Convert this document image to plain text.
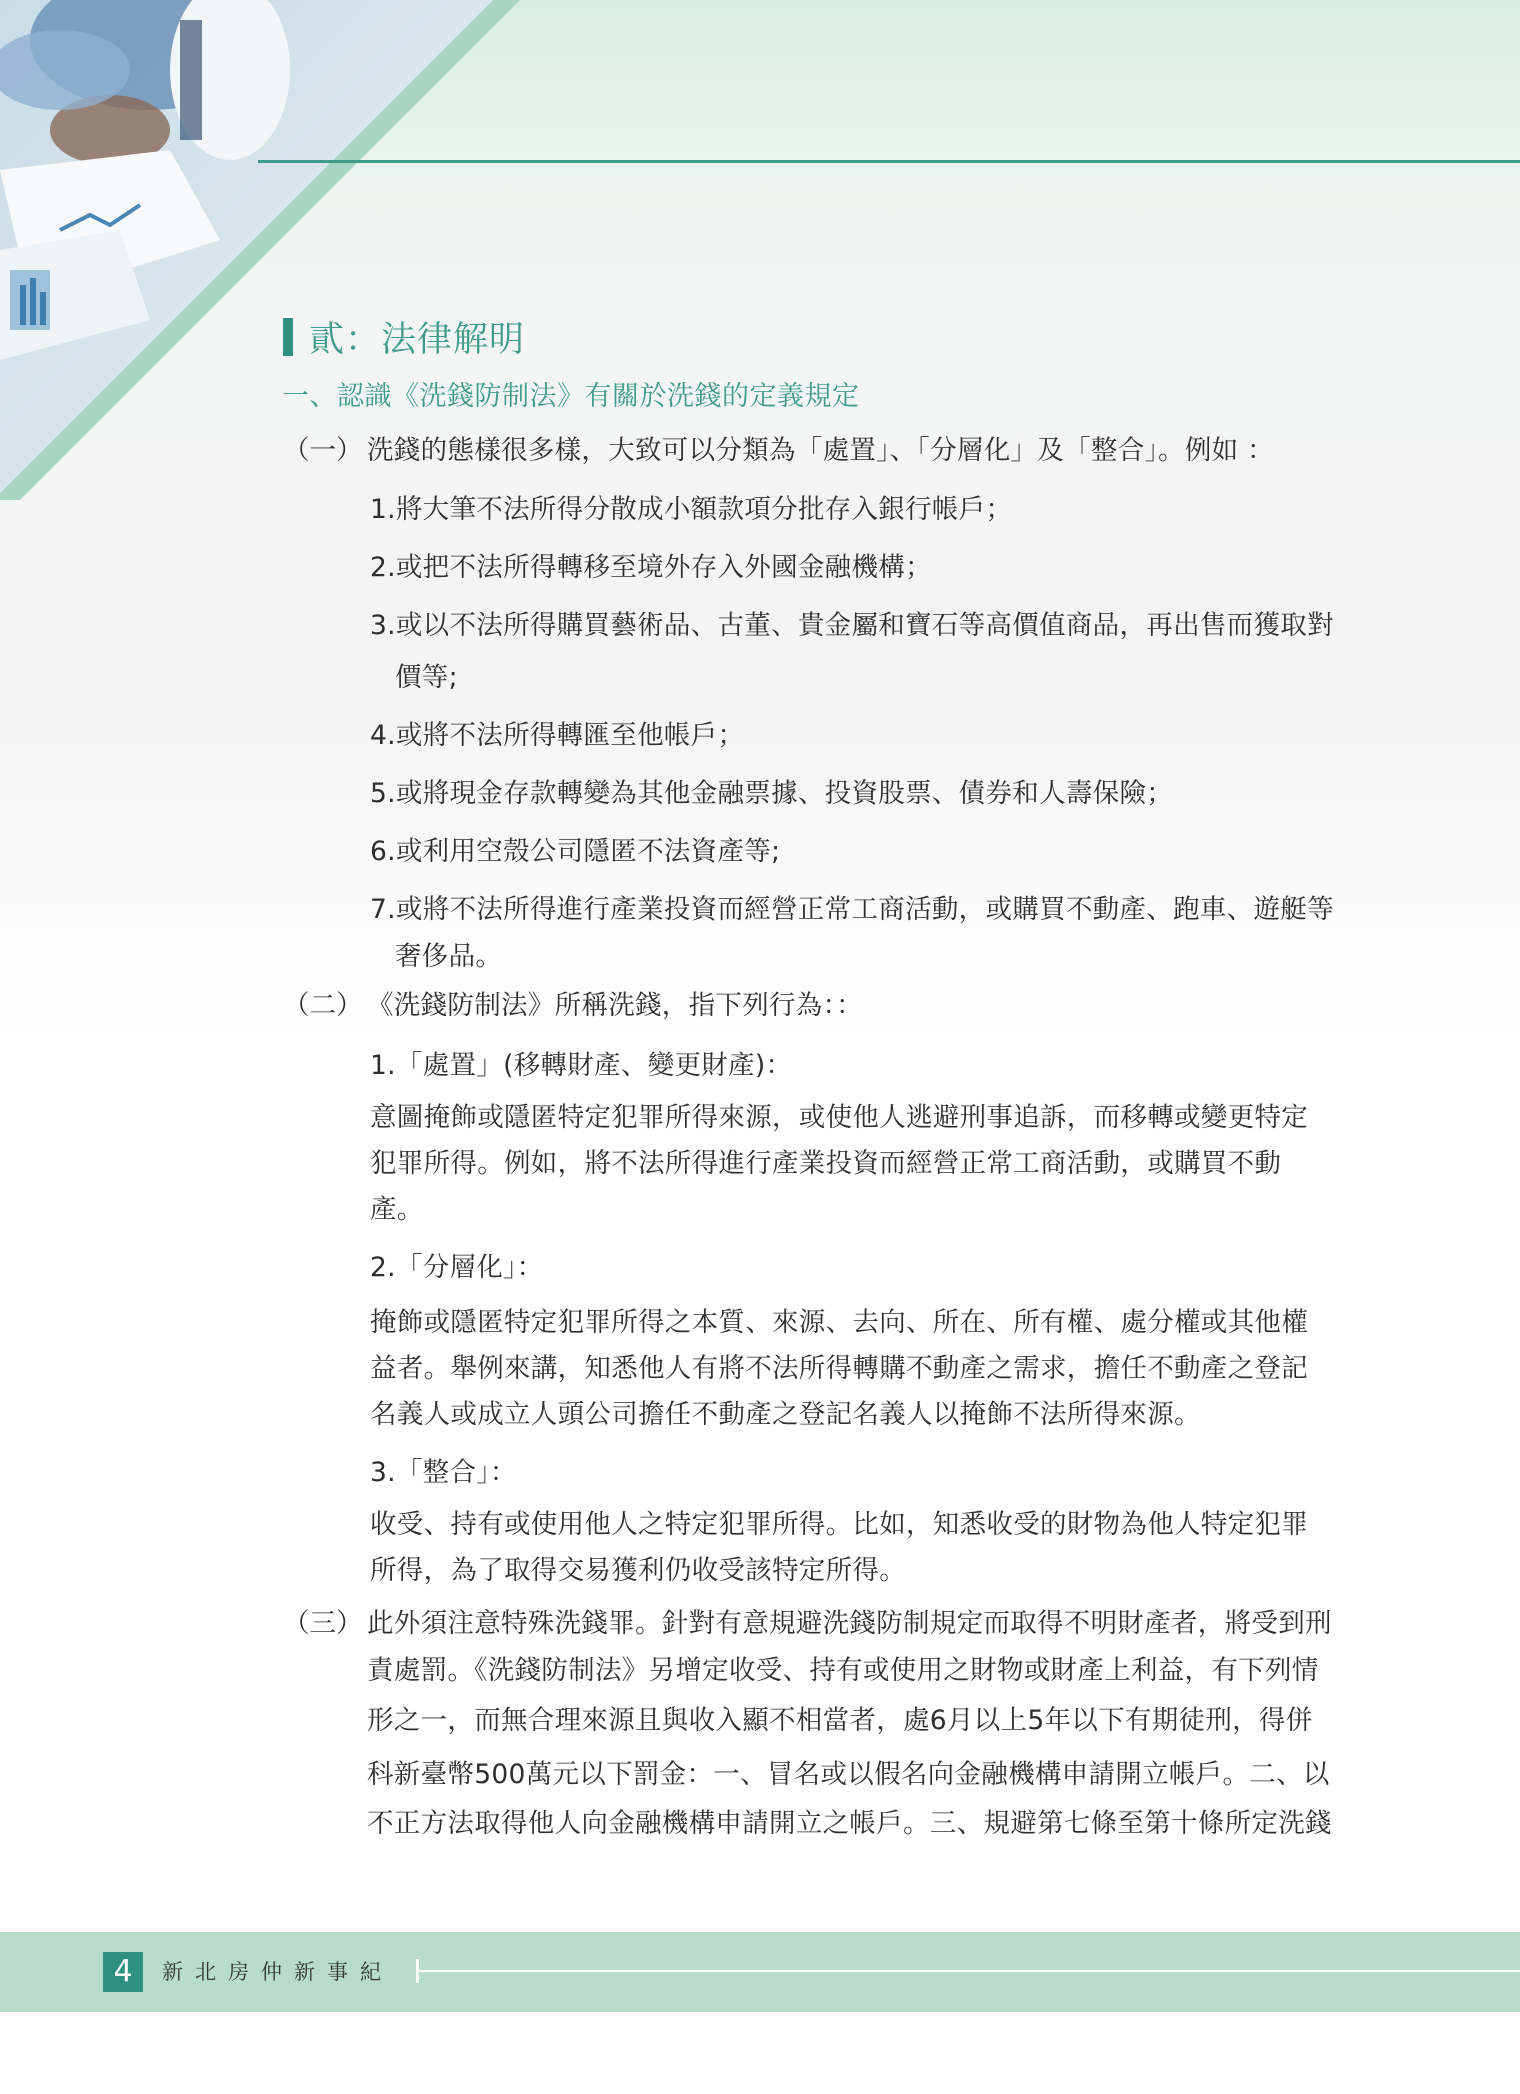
貳：法律解明
一、認識《洗錢防制法》有關於洗錢的定義規定
（一） 洗錢的態樣很多樣，大致可以分類為「處置」、「分層化」及「整合」。例如 ：
1.將大筆不法所得分散成小額款項分批存入銀行帳戶；
2.或把不法所得轉移至境外存入外國金融機構；
3.或以不法所得購買藝術品、古董、貴金屬和寶石等高價值商品，再出售而獲取對
價等;
4.或將不法所得轉匯至他帳戶；
5.或將現金存款轉變為其他金融票據、投資股票、債券和人壽保險；
6.或利用空殼公司隱匿不法資產等;
7.或將不法所得進行產業投資而經營正常工商活動，或購買不動產、跑車、遊艇等
奢侈品。
（二） 《洗錢防制法》所稱洗錢，指下列行為：：
1.「處置」(移轉財產、變更財產)：
意圖掩飾或隱匿特定犯罪所得來源，或使他人逃避刑事追訴，而移轉或變更特定
犯罪所得。例如，將不法所得進行產業投資而經營正常工商活動，或購買不動
產。
2.「分層化」：
掩飾或隱匿特定犯罪所得之本質、來源、去向、所在、所有權、處分權或其他權
益者。舉例來講，知悉他人有將不法所得轉購不動產之需求，擔任不動產之登記
名義人或成立人頭公司擔任不動產之登記名義人以掩飾不法所得來源。
3.「整合」：
收受、持有或使用他人之特定犯罪所得。比如，知悉收受的財物為他人特定犯罪
所得，為了取得交易獲利仍收受該特定所得。
（三） 此外須注意特殊洗錢罪。針對有意規避洗錢防制規定而取得不明財產者，將受到刑
責處罰。《洗錢防制法》另增定收受、持有或使用之財物或財產上利益，有下列情
形之一，而無合理來源且與收入顯不相當者，處6月以上5年以下有期徒刑，得併
科新臺幣500萬元以下罰金：一、冒名或以假名向金融機構申請開立帳戶。二、以
不正方法取得他人向金融機構申請開立之帳戶。三、規避第七條至第十條所定洗錢
4	新北房仲新事紀
